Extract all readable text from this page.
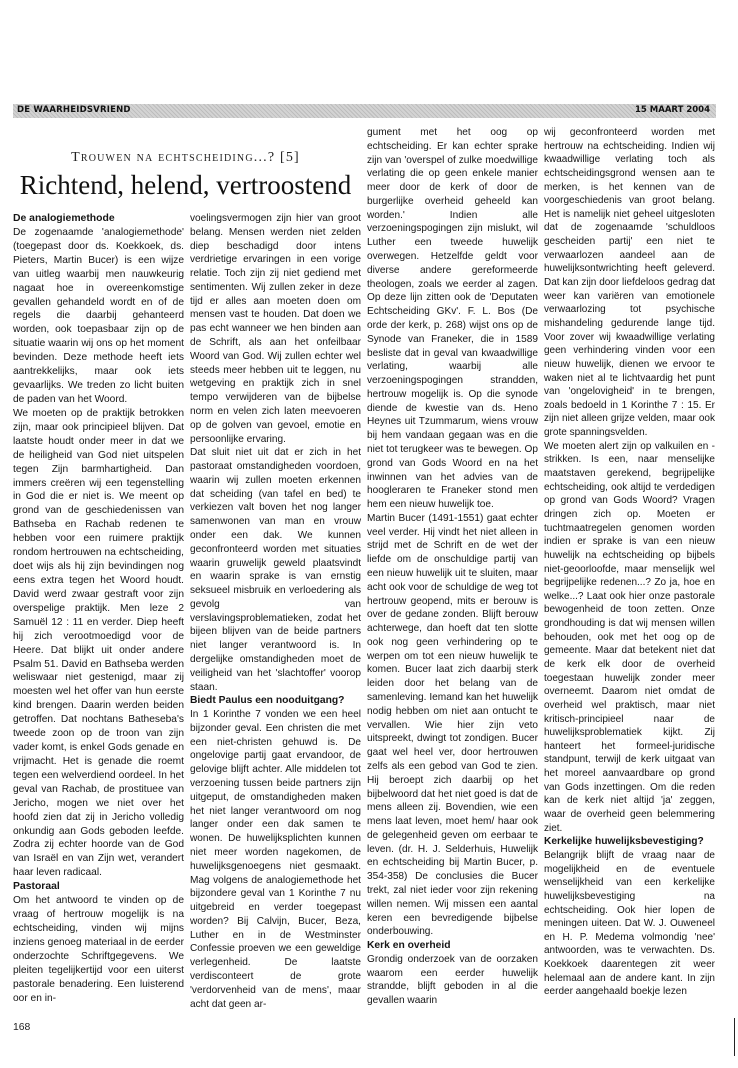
DE WAARHEIDSVRIEND	15 MAART 2004
Trouwen na echtscheiding...? [5]
Richtend, helend, vertroostend
De analogiemethode

De zogenaamde 'analogiemethode' (toegepast door ds. Koekkoek, ds. Pieters, Martin Bucer) is een wijze van uitleg waarbij men nauwkeurig nagaat hoe in overeenkomstige gevallen gehandeld wordt en of de regels die daarbij gehanteerd worden, ook toepasbaar zijn op de situatie waarin wij ons op het moment bevinden. Deze methode heeft iets aantrekkelijks, maar ook iets gevaarlijks. We treden zo licht buiten de paden van het Woord.

We moeten op de praktijk betrokken zijn, maar ook principieel blijven. Dat laatste houdt onder meer in dat we de heiligheid van God niet uitspelen tegen Zijn barmhartigheid. Dan immers creëren wij een tegenstelling in God die er niet is. We meent op grond van de geschiedenissen van Bathseba en Rachab redenen te hebben voor een ruimere praktijk rondom hertrouwen na echtscheiding, doet wijs als hij zijn bevindingen nog eens extra tegen het Woord houdt. David werd zwaar gestraft voor zijn overspelige praktijk. Men leze 2 Samuël 12 : 11 en verder. Diep heeft hij zich verootmoedigd voor de Heere. Dat blijkt uit onder andere Psalm 51. David en Bathseba werden weliswaar niet gestenigd, maar zij moesten wel het offer van hun eerste kind brengen. Daarin werden beiden getroffen. Dat nochtans Batheseba's tweede zoon op de troon van zijn vader komt, is enkel Gods genade en vrijmacht. Het is genade die roemt tegen een welverdiend oordeel. In het geval van Rachab, de prostituee van Jericho, mogen we niet over het hoofd zien dat zij in Jericho volledig onkundig aan Gods geboden leefde. Zodra zij echter hoorde van de God van Israël en van Zijn wet, verandert haar leven radicaal.

Pastoraal

Om het antwoord te vinden op de vraag of hertrouw mogelijk is na echtscheiding, vinden wij mijns inziens genoeg materiaal in de eerder onderzochte Schriftgegevens. We pleiten tegelijkertijd voor een uiterst pastorale benadering. Een luisterend oor en in-

voelingsvermogen zijn hier van groot belang. Mensen werden niet zelden diep beschadigd door intens verdrietige ervaringen in een vorige relatie. Toch zijn zij niet gediend met sentimenten. Wij zullen zeker in deze tijd er alles aan moeten doen om mensen vast te houden. Dat doen we pas echt wanneer we hen binden aan de Schrift, als aan het onfeilbaar Woord van God. Wij zullen echter wel steeds meer hebben uit te leggen, nu wetgeving en praktijk zich in snel tempo verwijderen van de bijbelse norm en velen zich laten meevoeren op de golven van gevoel, emotie en persoonlijke ervaring.

Dat sluit niet uit dat er zich in het pastoraat omstandigheden voordoen, waarin wij zullen moeten erkennen dat scheiding (van tafel en bed) te verkiezen valt boven het nog langer samenwonen van man en vrouw onder een dak. We kunnen geconfronteerd worden met situaties waarin gruwelijk geweld plaatsvindt en waarin sprake is van ernstig seksueel misbruik en verloedering als gevolg van verslavingsproblematieken, zodat het bijeen blijven van de beide partners niet langer verantwoord is. In dergelijke omstandigheden moet de veiligheid van het 'slachtoffer' voorop staan.

Biedt Paulus een nooduitgang?

In 1 Korinthe 7 vonden we een heel bijzonder geval. Een christen die met een niet-christen gehuwd is. De ongelovige partij gaat ervandoor, de gelovige blijft achter. Alle middelen tot verzoening tussen beide partners zijn uitgeput, de omstandigheden maken het niet langer verantwoord om nog langer onder een dak samen te wonen. De huwelijksplichten kunnen niet meer worden nagekomen, de huwelijksgenoegens niet gesmaakt. Mag volgens de analogiemethode het bijzondere geval van 1 Korinthe 7 nu uitgebreid en verder toegepast worden? Bij Calvijn, Bucer, Beza, Luther en in de Westminster Confessie proeven we een geweldige verlegenheid. De laatste verdisconteert de grote 'verdorvenheid van de mens', maar acht dat geen ar-

gument met het oog op echtscheiding. Er kan echter sprake zijn van 'overspel of zulke moedwillige verlating die op geen enkele manier meer door de kerk of door de burgerlijke overheid geheeld kan worden.' Indien alle verzoeningspogingen zijn mislukt, wil Luther een tweede huwelijk overwegen. Hetzelfde geldt voor diverse andere gereformeerde theologen, zoals we eerder al zagen. Op deze lijn zitten ook de 'Deputaten Echtscheiding GKv'. F. L. Bos (De orde der kerk, p. 268) wijst ons op de Synode van Franeker, die in 1589 besliste dat in geval van kwaadwillige verlating, waarbij alle verzoeningspogingen strandden, hertrouw mogelijk is. Op die synode diende de kwestie van ds. Heno Heynes uit Tzummarum, wiens vrouw bij hem vandaan gegaan was en die niet tot terugkeer was te bewegen. Op grond van Gods Woord en na het inwinnen van het advies van de hoogleraren te Franeker stond men hem een nieuw huwelijk toe.

Martin Bucer (1491-1551) gaat echter veel verder. Hij vindt het niet alleen in strijd met de Schrift en de wet der liefde om de onschuldige partij van een nieuw huwelijk uit te sluiten, maar acht ook voor de schuldige de weg tot hertrouw geopend, mits er berouw is over de gedane zonden. Blijft berouw achterwege, dan hoeft dat ten slotte ook nog geen verhindering op te werpen om tot een nieuw huwelijk te komen. Bucer laat zich daarbij sterk leiden door het belang van de samenleving. Iemand kan het huwelijk nodig hebben om niet aan ontucht te vervallen. Wie hier zijn veto uitspreekt, dwingt tot zondigen. Bucer gaat wel heel ver, door hertrouwen zelfs als een gebod van God te zien. Hij beroept zich daarbij op het bijbelwoord dat het niet goed is dat de mens alleen zij. Bovendien, wie een mens laat leven, moet hem/ haar ook de gelegenheid geven om eerbaar te leven. (dr. H. J. Selderhuis, Huwelijk en echtscheiding bij Martin Bucer, p. 354-358) De conclusies die Bucer trekt, zal niet ieder voor zijn rekening willen nemen. Wij missen een aantal keren een bevredigende bijbelse onderbouwing.

Kerk en overheid

Grondig onderzoek van de oorzaken waarom een eerder huwelijk strandde, blijft geboden in al die gevallen waarin

wij geconfronteerd worden met hertrouw na echtscheiding. Indien wij kwaadwillige verlating toch als echtscheidingsgrond wensen aan te merken, is het kennen van de voorgeschiedenis van groot belang. Het is namelijk niet geheel uitgesloten dat de zogenaamde 'schuldloos gescheiden partij' een niet te verwaarlozen aandeel aan de huwelijksontwrichting heeft geleverd. Dat kan zijn door liefdeloos gedrag dat weer kan variëren van emotionele verwaarlozing tot psychische mishandeling gedurende lange tijd. Voor zover wij kwaadwillige verlating geen verhindering vinden voor een nieuw huwelijk, dienen we ervoor te waken niet al te lichtvaardig het punt van 'ongelovigheid' in te brengen, zoals bedoeld in 1 Korinthe 7 : 15. Er zijn niet alleen grijze velden, maar ook grote spanningsvelden.

We moeten alert zijn op valkuilen en -strikken. Is een, naar menselijke maatstaven gerekend, begrijpelijke echtscheiding, ook altijd te verdedigen op grond van Gods Woord? Vragen dringen zich op. Moeten er tuchtmaatregelen genomen worden indien er sprake is van een nieuw huwelijk na echtscheiding op bijbels niet-geoorloofde, maar menselijk wel begrijpelijke redenen...? Zo ja, hoe en welke...? Laat ook hier onze pastorale bewogenheid de toon zetten. Onze grondhouding is dat wij mensen willen behouden, ook met het oog op de gemeente. Maar dat betekent niet dat de kerk elk door de overheid toegestaan huwelijk zonder meer overneemt. Daarom niet omdat de overheid wel praktisch, maar niet kritisch-principieel naar de huwelijksproblematiek kijkt. Zij hanteert het formeel-juridische standpunt, terwijl de kerk uitgaat van het moreel aanvaardbare op grond van Gods inzettingen. Om die reden kan de kerk niet altijd 'ja' zeggen, waar de overheid geen belemmering ziet.

Kerkelijke huwelijksbevestiging?

Belangrijk blijft de vraag naar de mogelijkheid en de eventuele wenselijkheid van een kerkelijke huwelijksbevestiging na echtscheiding. Ook hier lopen de meningen uiteen. Dat W. J. Ouweneel en H. P. Medema volmondig 'nee' antwoorden, was te verwachten. Ds. Koekkoek daarentegen zit weer helemaal aan de andere kant. In zijn eerder aangehaald boekje lezen

168
